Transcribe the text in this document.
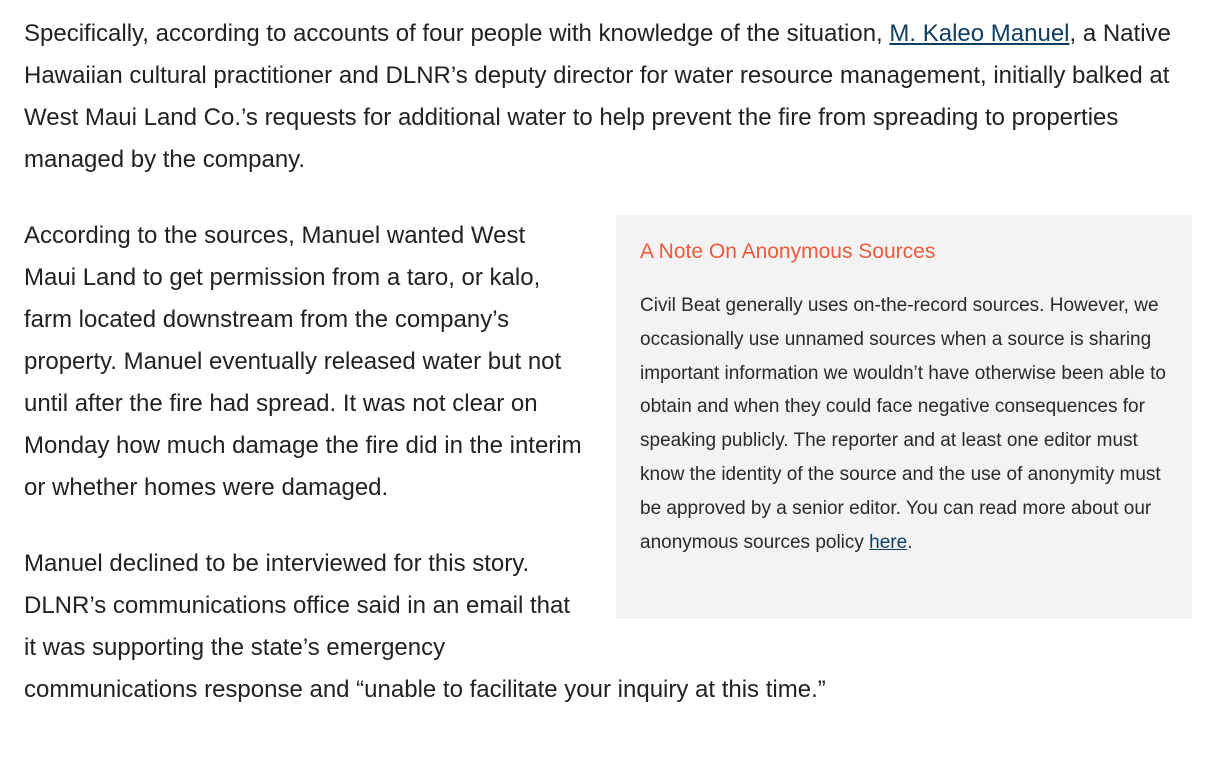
Specifically, according to accounts of four people with knowledge of the situation, M. Kaleo Manuel, a Native Hawaiian cultural practitioner and DLNR’s deputy director for water resource management, initially balked at West Maui Land Co.’s requests for additional water to help prevent the fire from spreading to properties managed by the company.

A Note On Anonymous Sources

Civil Beat generally uses on-the-record sources. However, we occasionally use unnamed sources when a source is sharing important information we wouldn’t have otherwise been able to obtain and when they could face negative consequences for speaking publicly. The reporter and at least one editor must know the identity of the source and the use of anonymity must be approved by a senior editor. You can read more about our anonymous sources policy here.

According to the sources, Manuel wanted West Maui Land to get permission from a taro, or kalo, farm located downstream from the company’s property. Manuel eventually released water but not until after the fire had spread. It was not clear on Monday how much damage the fire did in the interim or whether homes were damaged.

Manuel declined to be interviewed for this story. DLNR’s communications office said in an email that it was supporting the state’s emergency communications response and “unable to facilitate your inquiry at this time.”
